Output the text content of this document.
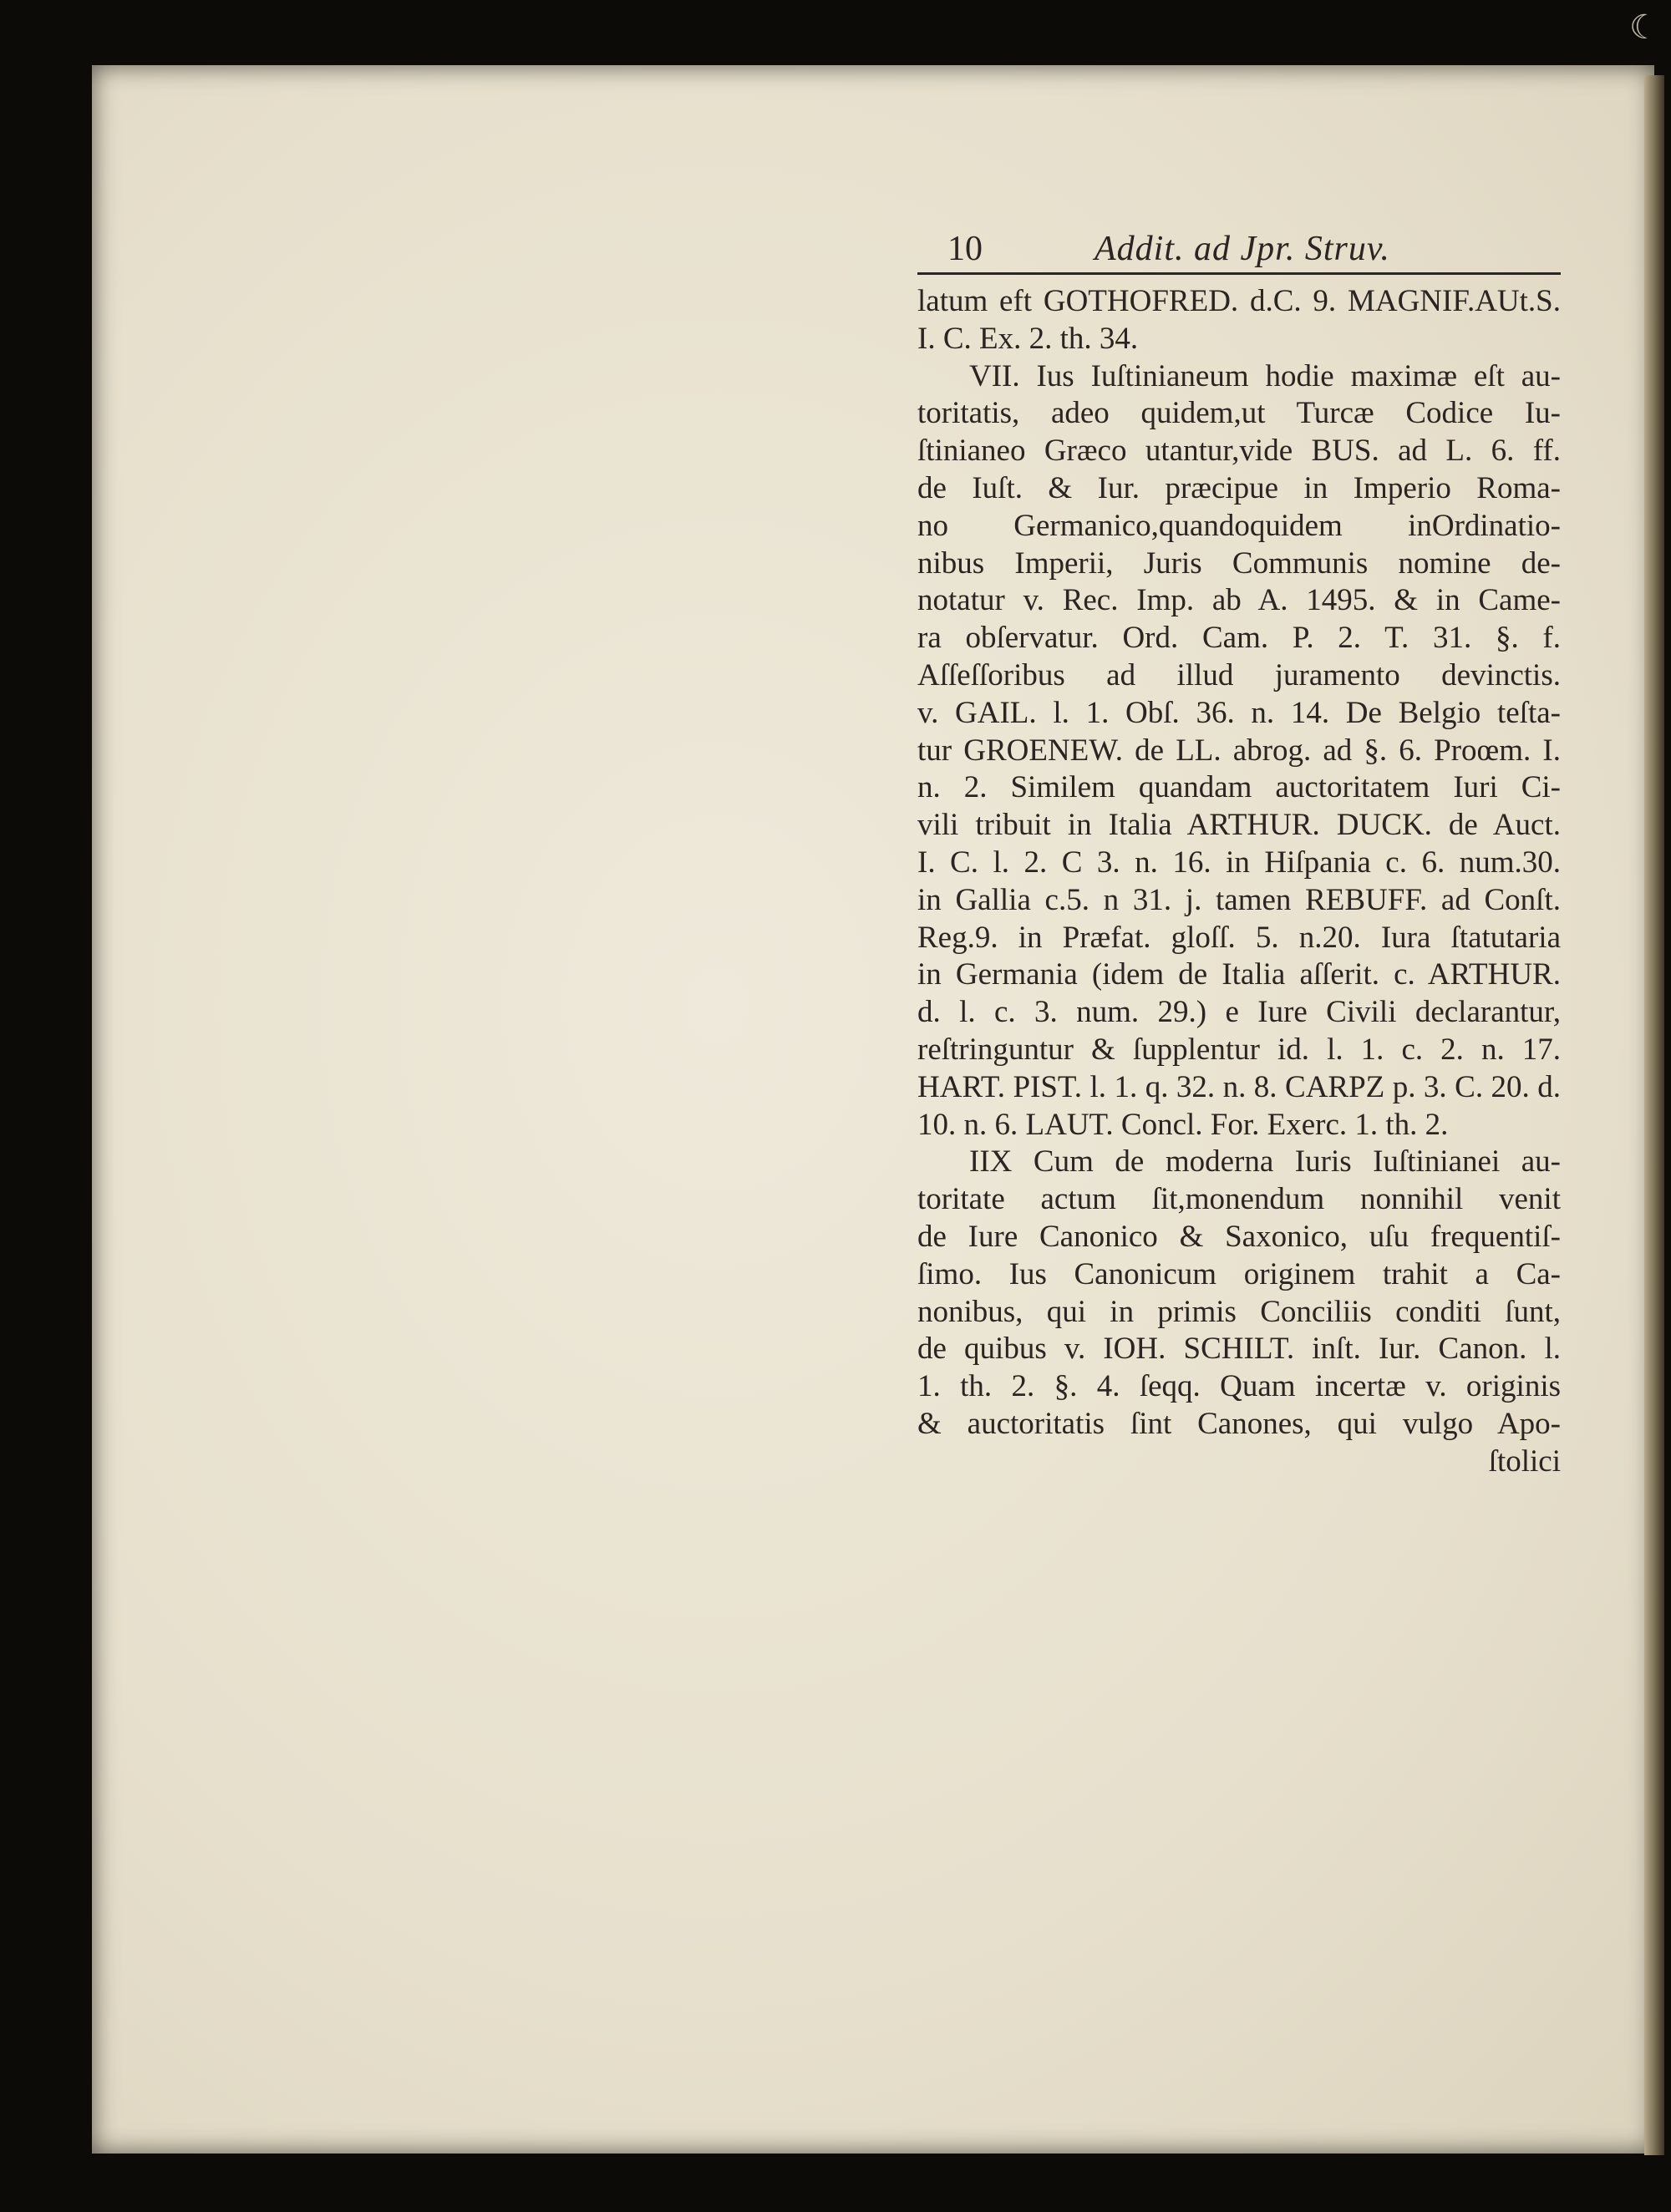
☾
10	Addit. ad Jpr. Struv.
latum eft GOTHOFRED. d.C. 9. MAGNIF.AUt.S.
I. C. Ex. 2. th. 34.
VII. Ius Iuſtinianeum hodie maximæ eſt au-
toritatis, adeo quidem,ut Turcæ Codice Iu-
ſtinianeo Græco utantur,vide BUS. ad L. 6. ff.
de Iuſt. & Iur. præcipue in Imperio Roma-
no Germanico,quandoquidem inOrdinatio-
nibus Imperii, Juris Communis nomine de-
notatur v. Rec. Imp. ab A. 1495. & in Came-
ra obſervatur. Ord. Cam. P. 2. T. 31. §. f.
Aſſeſſoribus ad illud juramento devinctis.
v. GAIL. l. 1. Obſ. 36. n. 14. De Belgio teſta-
tur GROENEW. de LL. abrog. ad §. 6. Proœm. I.
n. 2. Similem quandam auctoritatem Iuri Ci-
vili tribuit in Italia ARTHUR. DUCK. de Auct.
I. C. l. 2. C 3. n. 16. in Hiſpania c. 6. num.30.
in Gallia c.5. n 31. j. tamen REBUFF. ad Conſt.
Reg.9. in Præfat. gloſſ. 5. n.20. Iura ſtatutaria
in Germania (idem de Italia aſſerit. c. ARTHUR.
d. l. c. 3. num. 29.) e Iure Civili declarantur,
reſtringuntur & ſupplentur id. l. 1. c. 2. n. 17.
HART. PIST. l. 1. q. 32. n. 8. CARPZ p. 3. C. 20. d.
10. n. 6. LAUT. Concl. For. Exerc. 1. th. 2.
IIX Cum de moderna Iuris Iuſtinianei au-
toritate actum ſit,monendum nonnihil venit
de Iure Canonico & Saxonico, uſu frequentiſ-
ſimo. Ius Canonicum originem trahit a Ca-
nonibus, qui in primis Conciliis conditi ſunt,
de quibus v. IOH. SCHILT. inſt. Iur. Canon. l.
1. th. 2. §. 4. ſeqq. Quam incertæ v. originis
& auctoritatis ſint Canones, qui vulgo Apo-
ſtolici
